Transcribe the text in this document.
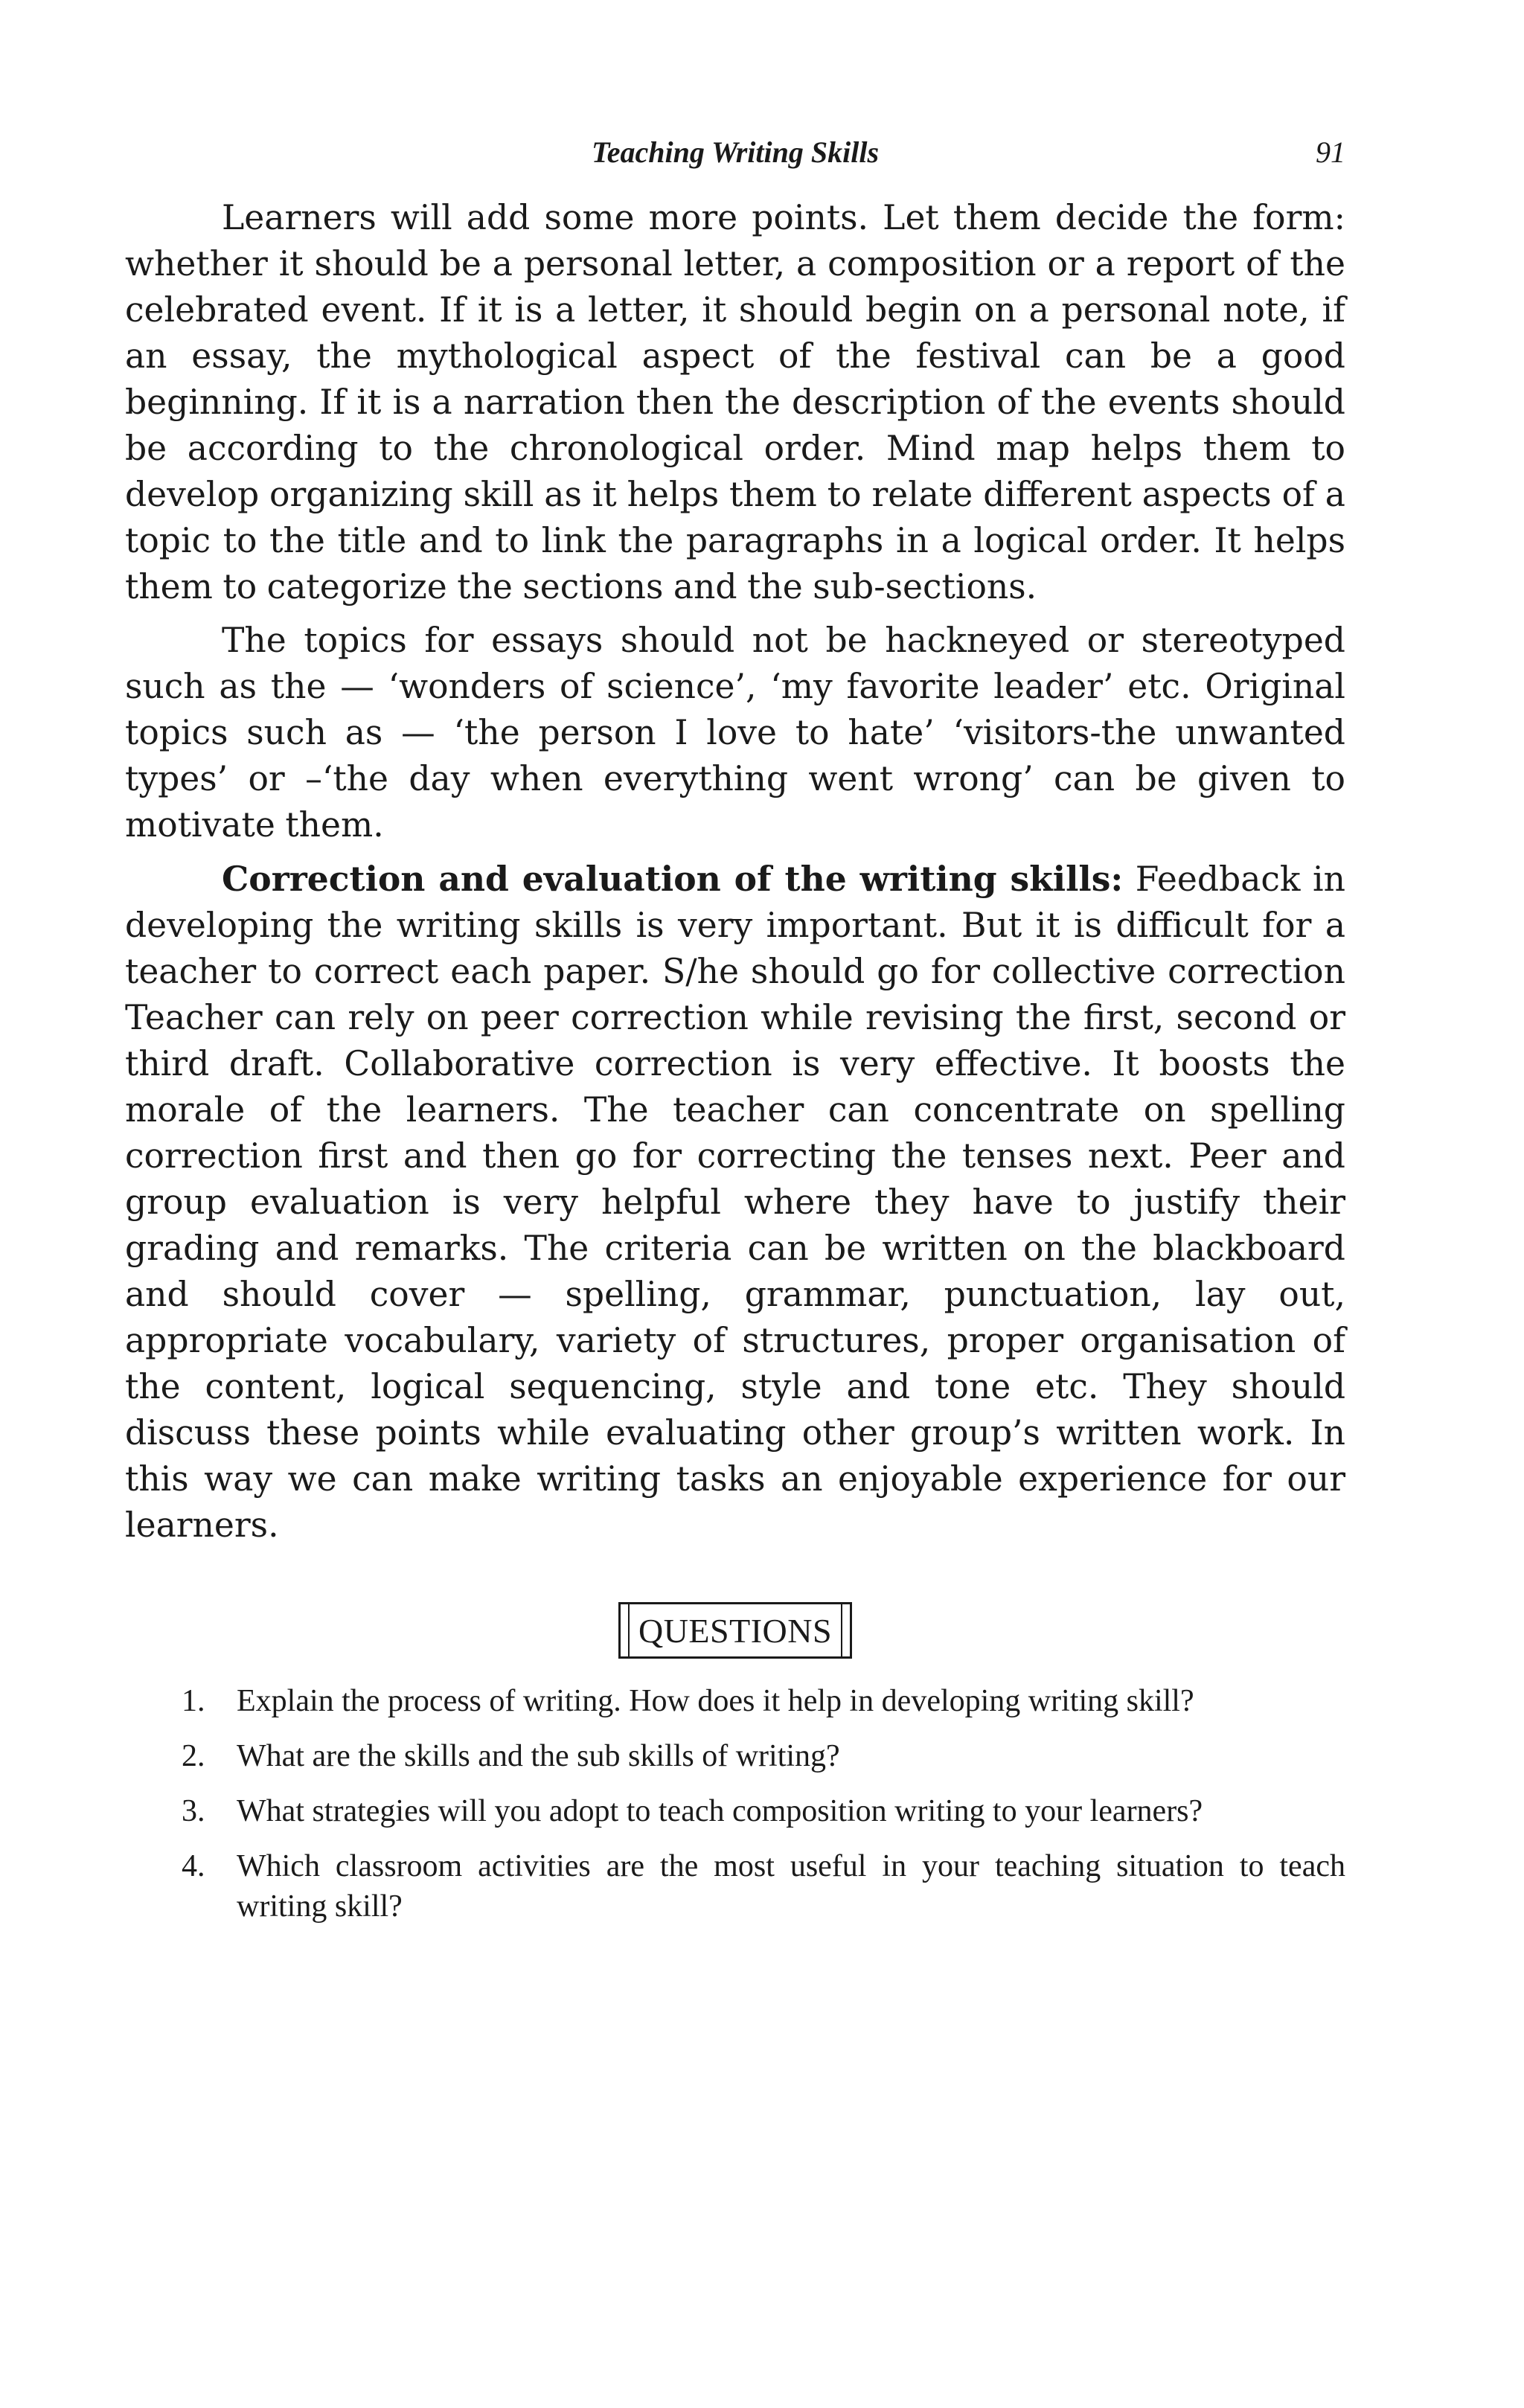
Teaching Writing Skills	91

Learners will add some more points. Let them decide the form: whether it should be a personal letter, a composition or a report of the celebrated event. If it is a letter, it should begin on a personal note, if an essay, the mythological aspect of the festival can be a good beginning. If it is a narration then the description of the events should be according to the chronological order. Mind map helps them to develop organizing skill as it helps them to relate different aspects of a topic to the title and to link the paragraphs in a logical order. It helps them to categorize the sections and the sub-sections.

The topics for essays should not be hackneyed or stereotyped such as the — ‘wonders of science’, ‘my favorite leader’ etc. Original topics such as — ‘the person I love to hate’ ‘visitors-the unwanted types’ or –‘the day when everything went wrong’ can be given to motivate them.

Correction and evaluation of the writing skills: Feedback in developing the writing skills is very important. But it is difficult for a teacher to correct each paper. S/he should go for collective correction Teacher can rely on peer correction while revising the first, second or third draft. Collaborative correction is very effective. It boosts the morale of the learners. The teacher can concentrate on spelling correction first and then go for correcting the tenses next. Peer and group evaluation is very helpful where they have to justify their grading and remarks. The criteria can be written on the blackboard and should cover — spelling, grammar, punctuation, lay out, appropriate vocabulary, variety of structures, proper organisation of the content, logical sequencing, style and tone etc. They should discuss these points while evaluating other group’s written work. In this way we can make writing tasks an enjoyable experience for our learners.

QUESTIONS
1. Explain the process of writing. How does it help in developing writing skill?
2. What are the skills and the sub skills of writing?
3. What strategies will you adopt to teach composition writing to your learners?
4. Which classroom activities are the most useful in your teaching situation to teach writing skill?
